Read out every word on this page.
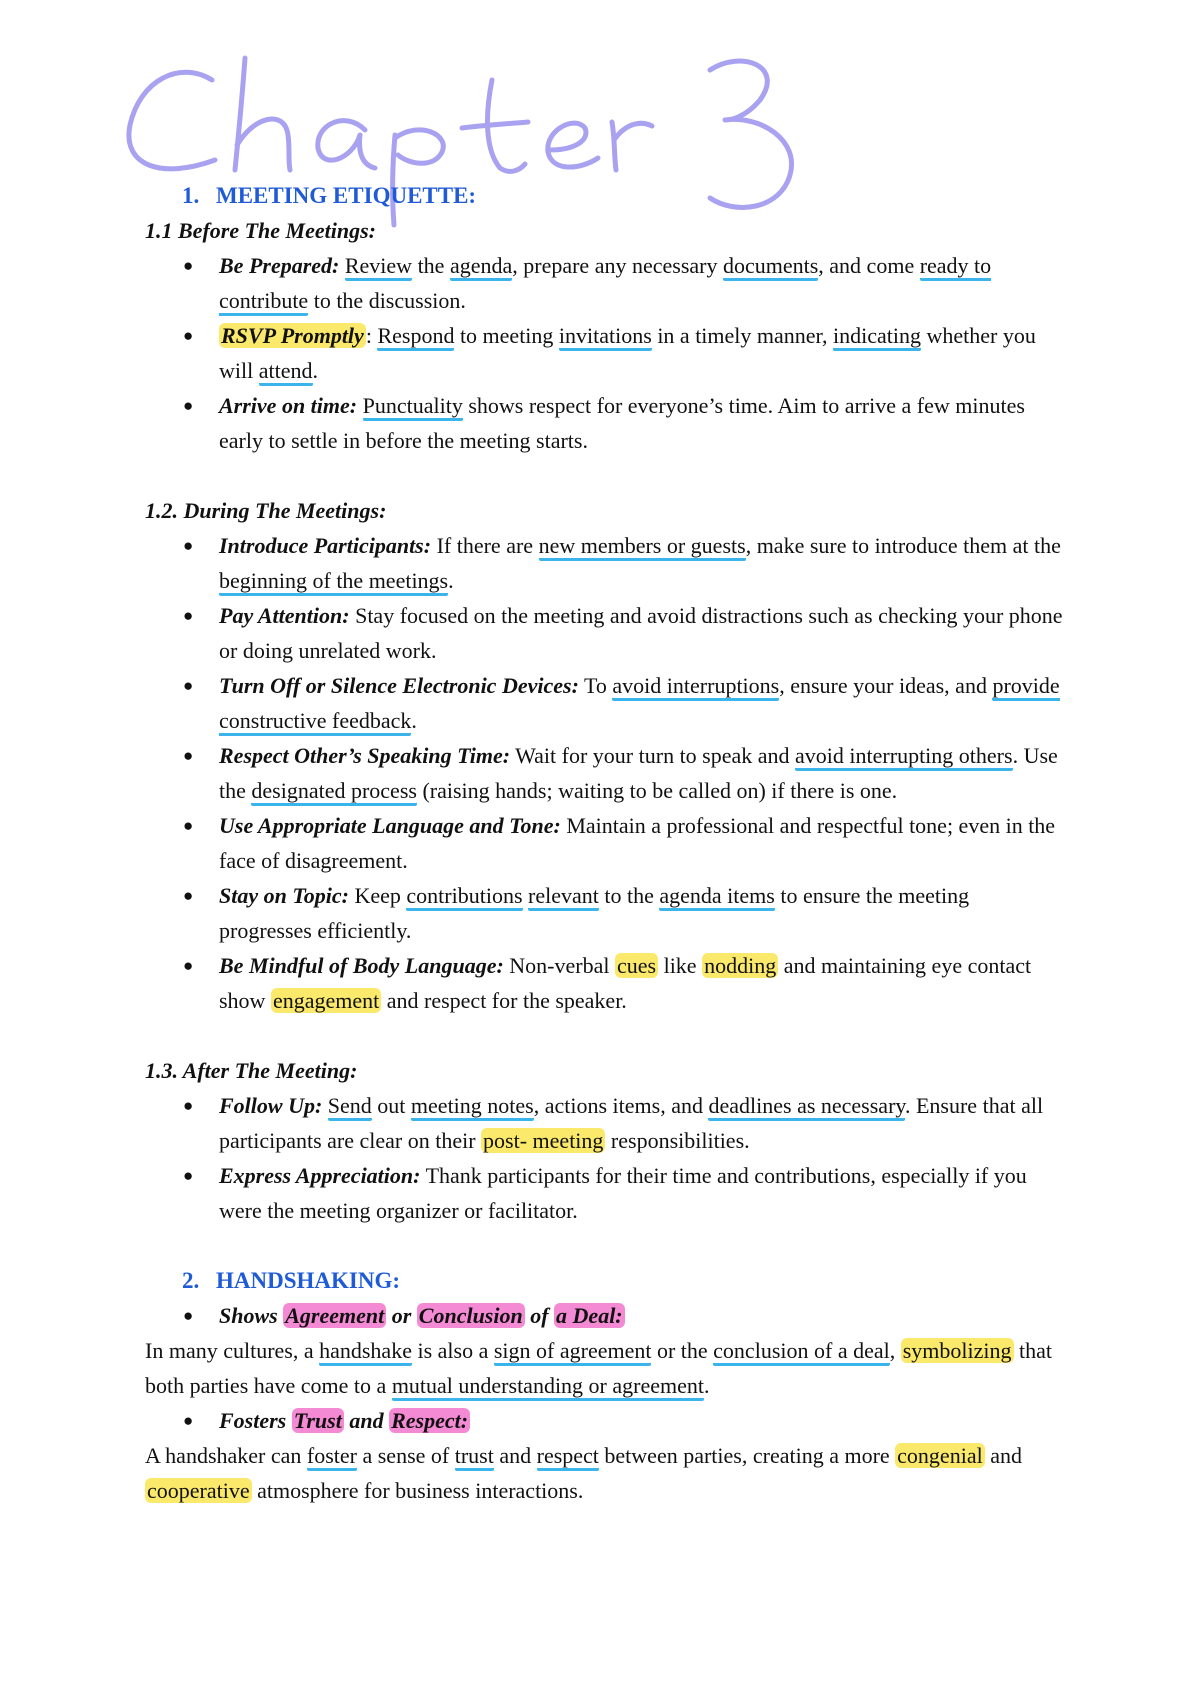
1. MEETING ETIQUETTE:

1.1 Before The Meetings:

● Be Prepared: Review the agenda, prepare any necessary documents, and come ready to contribute to the discussion.
● RSVP Promptly: Respond to meeting invitations in a timely manner, indicating whether you will attend.
● Arrive on time: Punctuality shows respect for everyone’s time. Aim to arrive a few minutes early to settle in before the meeting starts.

1.2. During The Meetings:

● Introduce Participants: If there are new members or guests, make sure to introduce them at the beginning of the meetings.
● Pay Attention: Stay focused on the meeting and avoid distractions such as checking your phone or doing unrelated work.
● Turn Off or Silence Electronic Devices: To avoid interruptions, ensure your ideas, and provide constructive feedback.
● Respect Other’s Speaking Time: Wait for your turn to speak and avoid interrupting others. Use the designated process (raising hands; waiting to be called on) if there is one.
● Use Appropriate Language and Tone: Maintain a professional and respectful tone; even in the face of disagreement.
● Stay on Topic: Keep contributions relevant to the agenda items to ensure the meeting progresses efficiently.
● Be Mindful of Body Language: Non-verbal cues like nodding and maintaining eye contact show engagement and respect for the speaker.

1.3. After The Meeting:

● Follow Up: Send out meeting notes, actions items, and deadlines as necessary. Ensure that all participants are clear on their post- meeting responsibilities.
● Express Appreciation: Thank participants for their time and contributions, especially if you were the meeting organizer or facilitator.

2. HANDSHAKING:

● Shows Agreement or Conclusion of a Deal:

In many cultures, a handshake is also a sign of agreement or the conclusion of a deal, symbolizing that both parties have come to a mutual understanding or agreement.

● Fosters Trust and Respect:

A handshaker can foster a sense of trust and respect between parties, creating a more congenial and cooperative atmosphere for business interactions.
